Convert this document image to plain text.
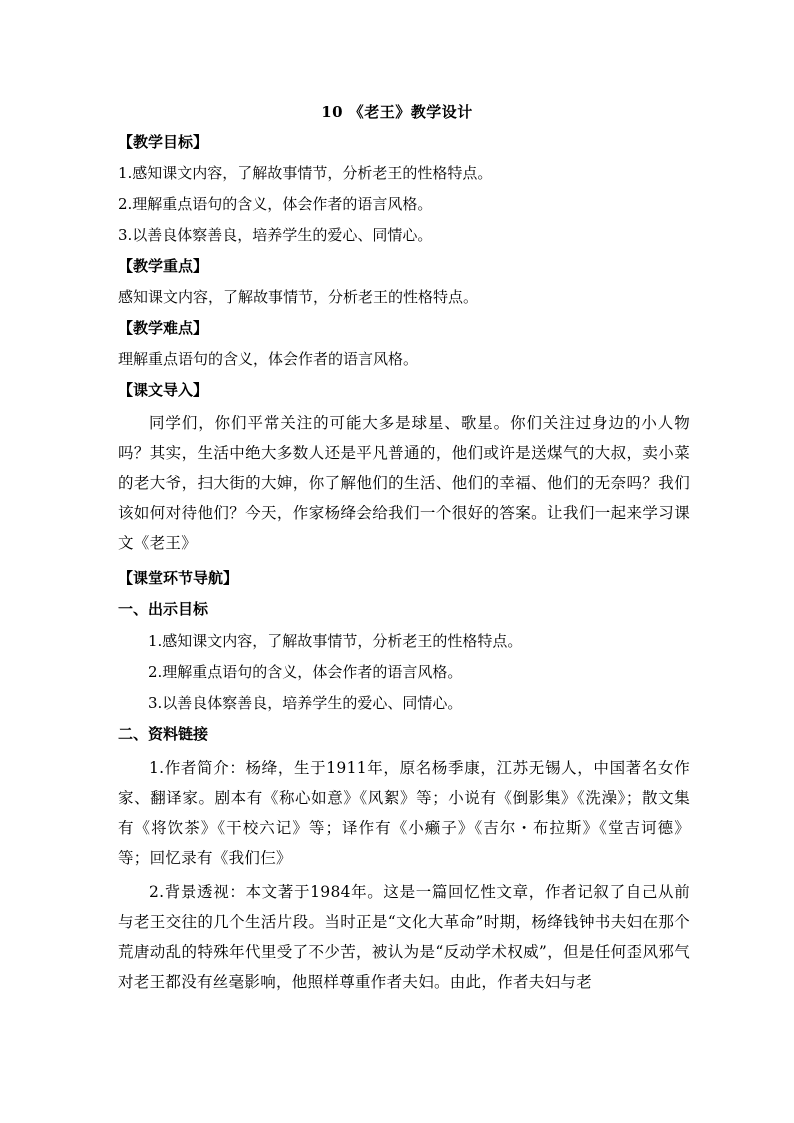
10 《老王》教学设计
【教学目标】
1.感知课文内容，了解故事情节，分析老王的性格特点。
2.理解重点语句的含义，体会作者的语言风格。
3.以善良体察善良，培养学生的爱心、同情心。
【教学重点】
感知课文内容，了解故事情节，分析老王的性格特点。
【教学难点】
理解重点语句的含义，体会作者的语言风格。
【课文导入】
同学们，你们平常关注的可能大多是球星、歌星。你们关注过身边的小人物吗？其实，生活中绝大多数人还是平凡普通的，他们或许是送煤气的大叔，卖小菜的老大爷，扫大街的大婶，你了解他们的生活、他们的幸福、他们的无奈吗？我们该如何对待他们？今天，作家杨绛会给我们一个很好的答案。让我们一起来学习课文《老王》
【课堂环节导航】
一、出示目标
1.感知课文内容，了解故事情节，分析老王的性格特点。
2.理解重点语句的含义，体会作者的语言风格。
3.以善良体察善良，培养学生的爱心、同情心。
二、资料链接
1.作者简介：杨绛，生于1911年，原名杨季康，江苏无锡人，中国著名女作家、翻译家。剧本有《称心如意》《风絮》等；小说有《倒影集》《洗澡》；散文集有《将饮茶》《干校六记》等；译作有《小癞子》《吉尔・布拉斯》《堂吉诃德》等；回忆录有《我们仨》
2.背景透视：本文著于1984年。这是一篇回忆性文章，作者记叙了自己从前与老王交往的几个生活片段。当时正是“文化大革命”时期，杨绛钱钟书夫妇在那个荒唐动乱的特殊年代里受了不少苦，被认为是“反动学术权威”，但是任何歪风邪气对老王都没有丝毫影响，他照样尊重作者夫妇。由此，作者夫妇与老
